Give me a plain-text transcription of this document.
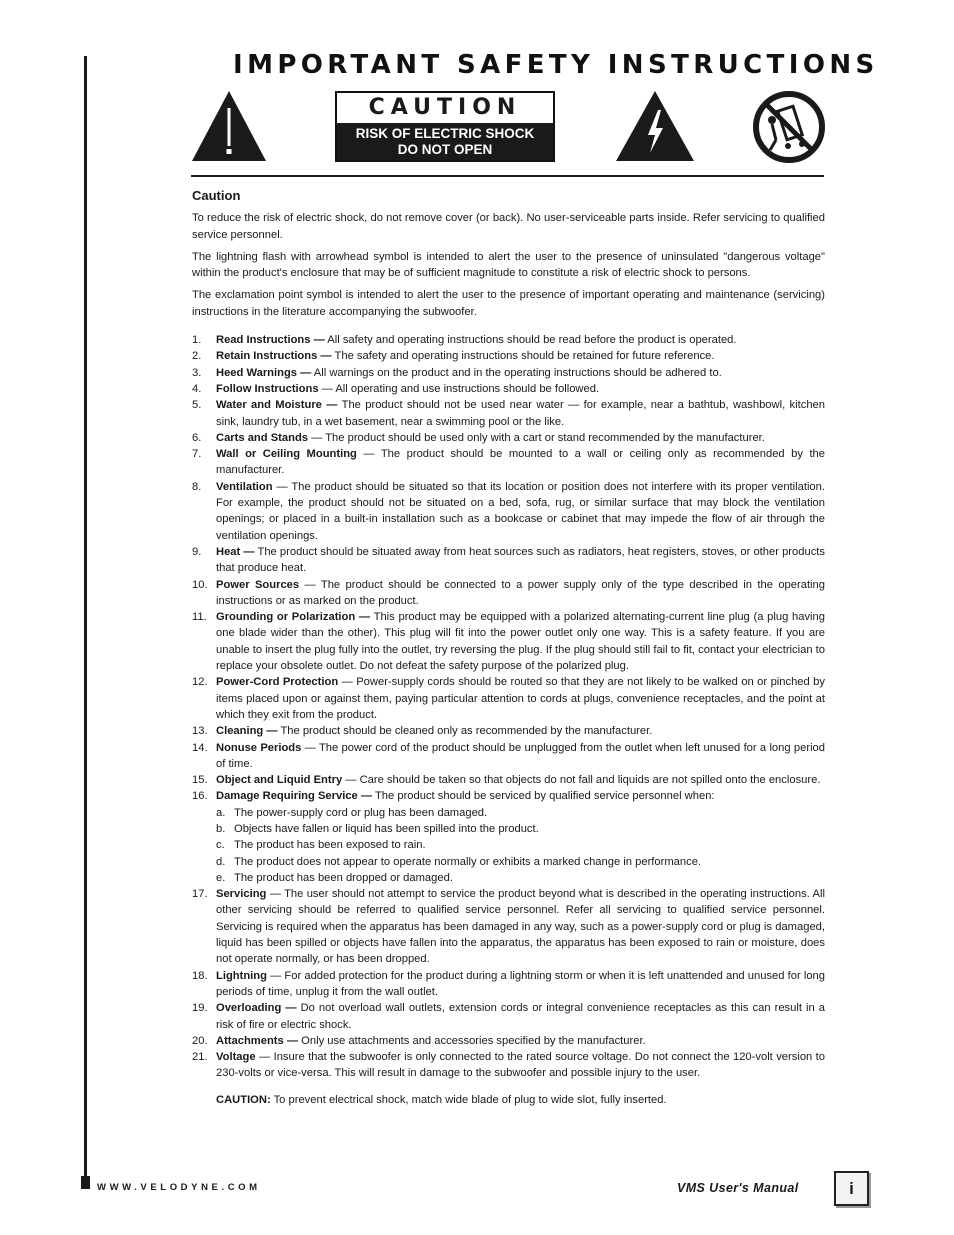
IMPORTANT SAFETY INSTRUCTIONS
CAUTION
RISK OF ELECTRIC SHOCK
DO NOT OPEN
Caution

To reduce the risk of electric shock, do not remove cover (or back). No user-serviceable parts inside. Refer servicing to qualified service personnel.

The lightning flash with arrowhead symbol is intended to alert the user to the presence of uninsulated "dangerous voltage" within the product's enclosure that may be of sufficient magnitude to constitute a risk of electric shock to persons.

The exclamation point symbol is intended to alert the user to the presence of important operating and maintenance (servicing) instructions in the literature accompanying the subwoofer.

1. Read Instructions — All safety and operating instructions should be read before the product is operated.
2. Retain Instructions — The safety and operating instructions should be retained for future reference.
3. Heed Warnings — All warnings on the product and in the operating instructions should be adhered to.
4. Follow Instructions — All operating and use instructions should be followed.
5. Water and Moisture — The product should not be used near water — for example, near a bathtub, washbowl, kitchen sink, laundry tub, in a wet basement, near a swimming pool or the like.
6. Carts and Stands — The product should be used only with a cart or stand recommended by the manufacturer.
7. Wall or Ceiling Mounting — The product should be mounted to a wall or ceiling only as recommended by the manufacturer.
8. Ventilation — The product should be situated so that its location or position does not interfere with its proper ventilation. For example, the product should not be situated on a bed, sofa, rug, or similar surface that may block the ventilation openings; or placed in a built-in installation such as a bookcase or cabinet that may impede the flow of air through the ventilation openings.
9. Heat — The product should be situated away from heat sources such as radiators, heat registers, stoves, or other products that produce heat.
10. Power Sources — The product should be connected to a power supply only of the type described in the operating instructions or as marked on the product.
11. Grounding or Polarization — This product may be equipped with a polarized alternating-current line plug (a plug having one blade wider than the other). This plug will fit into the power outlet only one way. This is a safety feature. If you are unable to insert the plug fully into the outlet, try reversing the plug. If the plug should still fail to fit, contact your electrician to replace your obsolete outlet. Do not defeat the safety purpose of the polarized plug.
12. Power-Cord Protection — Power-supply cords should be routed so that they are not likely to be walked on or pinched by items placed upon or against them, paying particular attention to cords at plugs, convenience receptacles, and the point at which they exit from the product.
13. Cleaning — The product should be cleaned only as recommended by the manufacturer.
14. Nonuse Periods — The power cord of the product should be unplugged from the outlet when left unused for a long period of time.
15. Object and Liquid Entry — Care should be taken so that objects do not fall and liquids are not spilled onto the enclosure.
16. Damage Requiring Service — The product should be serviced by qualified service personnel when:
a. The power-supply cord or plug has been damaged.
b. Objects have fallen or liquid has been spilled into the product.
c. The product has been exposed to rain.
d. The product does not appear to operate normally or exhibits a marked change in performance.
e. The product has been dropped or damaged.
17. Servicing — The user should not attempt to service the product beyond what is described in the operating instructions. All other servicing should be referred to qualified service personnel. Refer all servicing to qualified service personnel. Servicing is required when the apparatus has been damaged in any way, such as a power-supply cord or plug is damaged, liquid has been spilled or objects have fallen into the apparatus, the apparatus has been exposed to rain or moisture, does not operate normally, or has been dropped.
18. Lightning — For added protection for the product during a lightning storm or when it is left unattended and unused for long periods of time, unplug it from the wall outlet.
19. Overloading — Do not overload wall outlets, extension cords or integral convenience receptacles as this can result in a risk of fire or electric shock.
20. Attachments — Only use attachments and accessories specified by the manufacturer.
21. Voltage — Insure that the subwoofer is only connected to the rated source voltage. Do not connect the 120-volt version to 230-volts or vice-versa. This will result in damage to the subwoofer and possible injury to the user.
CAUTION: To prevent electrical shock, match wide blade of plug to wide slot, fully inserted.
WWW.VELODYNE.COM	VMS User's Manual	i
